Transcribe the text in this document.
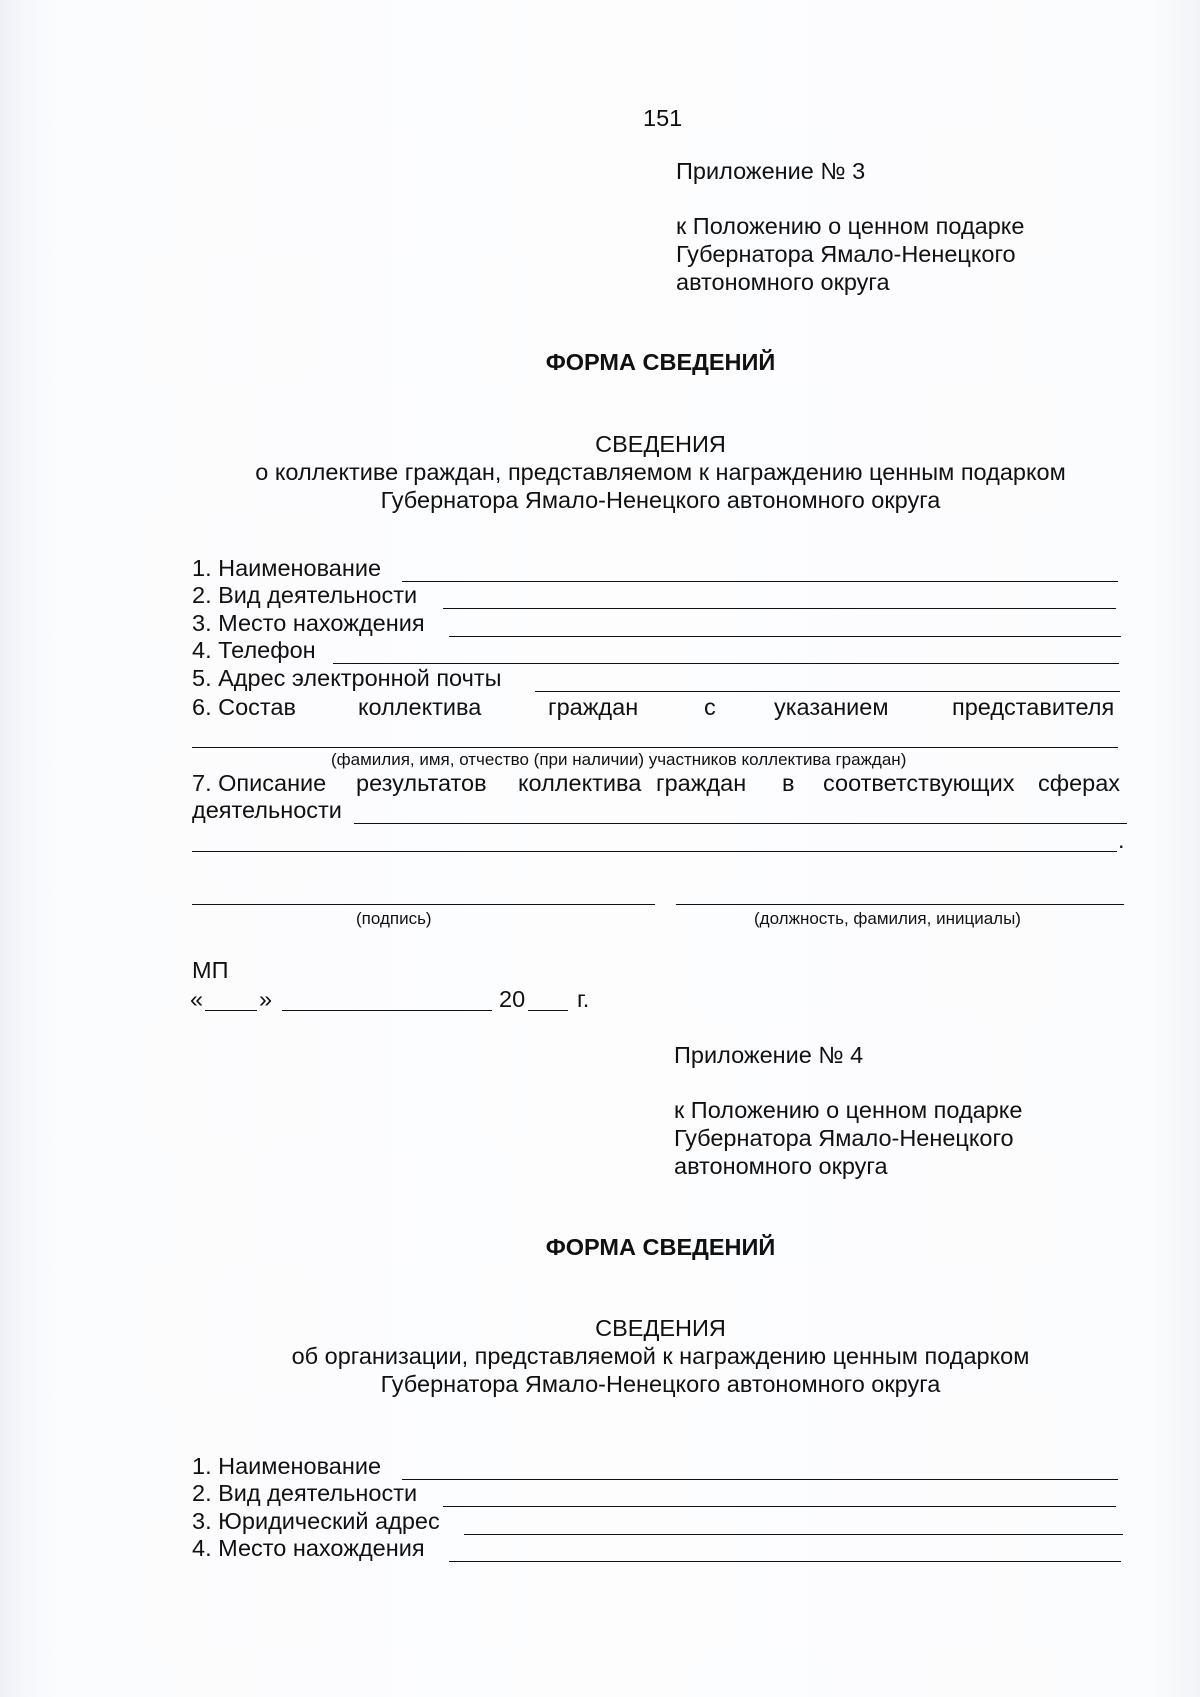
151
Приложение № 3
к Положению о ценном подарке
Губернатора Ямало-Ненецкого
автономного округа
ФОРМА СВЕДЕНИЙ
СВЕДЕНИЯ
о коллективе граждан, представляемом к награждению ценным подарком
Губернатора Ямало-Ненецкого автономного округа
1. Наименование
2. Вид деятельности
3. Место нахождения
4. Телефон
5. Адрес электронной почты
6. Состав	коллектива	граждан	с указанием	представителя
(фамилия, имя, отчество (при наличии) участников коллектива граждан)
7. Описание результатов коллектива граждан в соответствующих сферах
деятельности
.
(подпись)	(должность, фамилия, инициалы)
МП
« »	20 г.
Приложение № 4
к Положению о ценном подарке
Губернатора Ямало-Ненецкого
автономного округа
ФОРМА СВЕДЕНИЙ
СВЕДЕНИЯ
об организации, представляемой к награждению ценным подарком
Губернатора Ямало-Ненецкого автономного округа
1. Наименование
2. Вид деятельности
3. Юридический адрес
4. Место нахождения
